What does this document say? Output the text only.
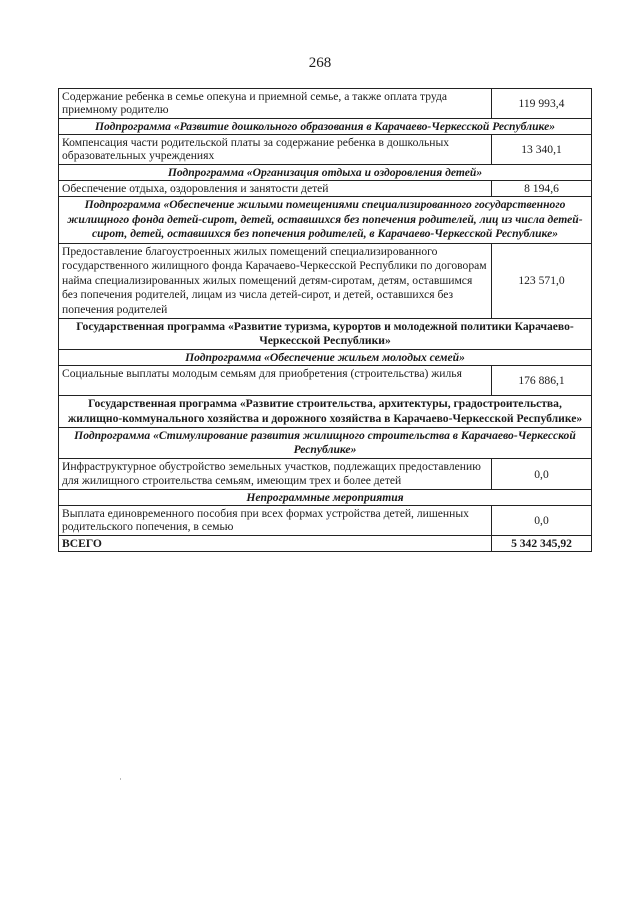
268
Содержание ребенка в семье опекуна и приемной семье, а также оплата труда приемному родителю	119 993,4
Подпрограмма «Развитие дошкольного образования в Карачаево-Черкесской Республике»	
Компенсация части родительской платы за содержание ребенка в дошкольных образовательных учреждениях	13 340,1
Подпрограмма «Организация отдыха и оздоровления детей»	
Обеспечение отдыха, оздоровления и занятости детей	8 194,6
Подпрограмма «Обеспечение жилыми помещениями специализированного государственного жилищного фонда детей-сирот, детей, оставшихся без попечения родителей, лиц из числа детей-сирот, детей, оставшихся без попечения родителей, в Карачаево-Черкесской Республике»	
Предоставление благоустроенных жилых помещений специализированного государственного жилищного фонда Карачаево-Черкесской Республики по договорам найма специализированных жилых помещений детям-сиротам, детям, оставшимся без попечения родителей, лицам из числа детей-сирот, и детей, оставшихся без попечения родителей	123 571,0
Государственная программа «Развитие туризма, курортов и молодежной политики Карачаево-Черкесской Республики»	
Подпрограмма «Обеспечение жильем молодых семей»	
Социальные выплаты молодым семьям для приобретения (строительства) жилья	176 886,1
Государственная программа «Развитие строительства, архитектуры, градостроительства, жилищно-коммунального хозяйства и дорожного хозяйства в Карачаево-Черкесской Республике»	
Подпрограмма «Стимулирование развития жилищного строительства в Карачаево-Черкесской Республике»	
Инфраструктурное обустройство земельных участков, подлежащих предоставлению для жилищного строительства семьям, имеющим трех и более детей	0,0
Непрограммные мероприятия	
Выплата единовременного пособия при всех формах устройства детей, лишенных родительского попечения, в семью	0,0
ВСЕГО	5 342 345,92
